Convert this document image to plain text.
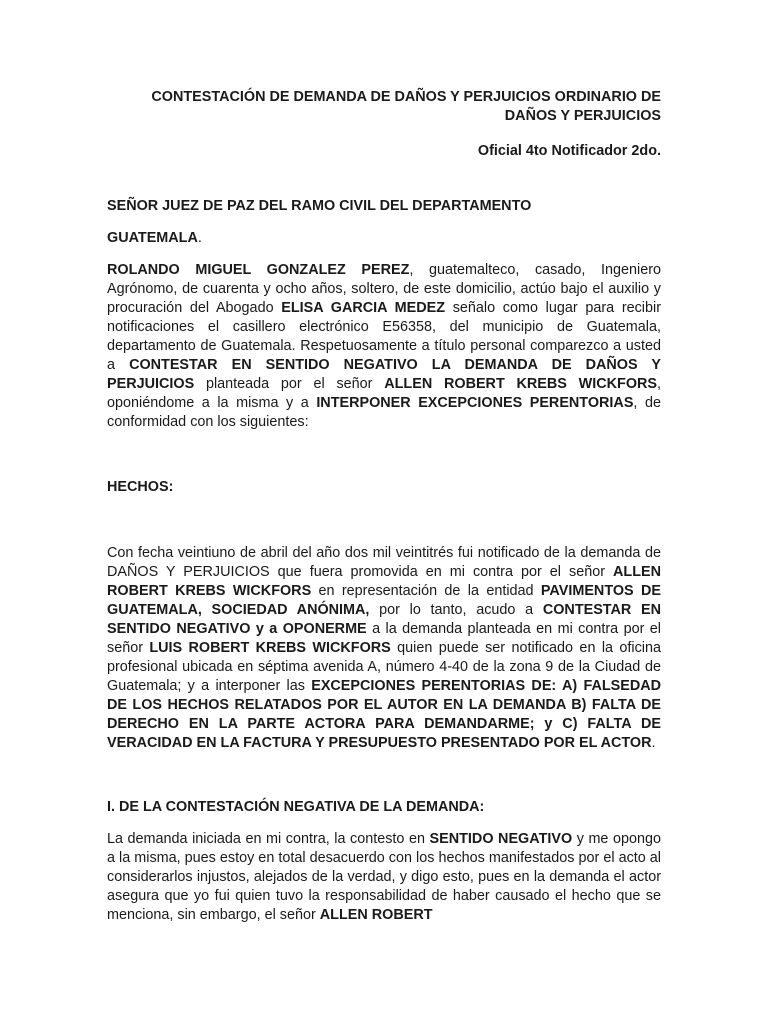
CONTESTACIÓN DE DEMANDA DE DAÑOS Y PERJUICIOS ORDINARIO DE DAÑOS Y PERJUICIOS

Oficial 4to Notificador 2do.

SEÑOR JUEZ DE PAZ DEL RAMO CIVIL DEL DEPARTAMENTO

GUATEMALA.

ROLANDO MIGUEL GONZALEZ PEREZ, guatemalteco, casado, Ingeniero Agrónomo, de cuarenta y ocho años, soltero, de este domicilio, actúo bajo el auxilio y procuración del Abogado ELISA GARCIA MEDEZ señalo como lugar para recibir notificaciones el casillero electrónico E56358, del municipio de Guatemala, departamento de Guatemala. Respetuosamente a título personal comparezco a usted a CONTESTAR EN SENTIDO NEGATIVO LA DEMANDA DE DAÑOS Y PERJUICIOS planteada por el señor ALLEN ROBERT KREBS WICKFORS, oponiéndome a la misma y a INTERPONER EXCEPCIONES PERENTORIAS, de conformidad con los siguientes:

HECHOS:

Con fecha veintiuno de abril del año dos mil veintitrés fui notificado de la demanda de DAÑOS Y PERJUICIOS que fuera promovida en mi contra por el señor ALLEN ROBERT KREBS WICKFORS en representación de la entidad PAVIMENTOS DE GUATEMALA, SOCIEDAD ANÓNIMA, por lo tanto, acudo a CONTESTAR EN SENTIDO NEGATIVO y a OPONERME a la demanda planteada en mi contra por el señor LUIS ROBERT KREBS WICKFORS quien puede ser notificado en la oficina profesional ubicada en séptima avenida A, número 4-40 de la zona 9 de la Ciudad de Guatemala; y a interponer las EXCEPCIONES PERENTORIAS DE: A) FALSEDAD DE LOS HECHOS RELATADOS POR EL AUTOR EN LA DEMANDA B) FALTA DE DERECHO EN LA PARTE ACTORA PARA DEMANDARME; y C) FALTA DE VERACIDAD EN LA FACTURA Y PRESUPUESTO PRESENTADO POR EL ACTOR.

I. DE LA CONTESTACIÓN NEGATIVA DE LA DEMANDA:

La demanda iniciada en mi contra, la contesto en SENTIDO NEGATIVO y me opongo a la misma, pues estoy en total desacuerdo con los hechos manifestados por el acto al considerarlos injustos, alejados de la verdad, y digo esto, pues en la demanda el actor asegura que yo fui quien tuvo la responsabilidad de haber causado el hecho que se menciona, sin embargo, el señor ALLEN ROBERT
